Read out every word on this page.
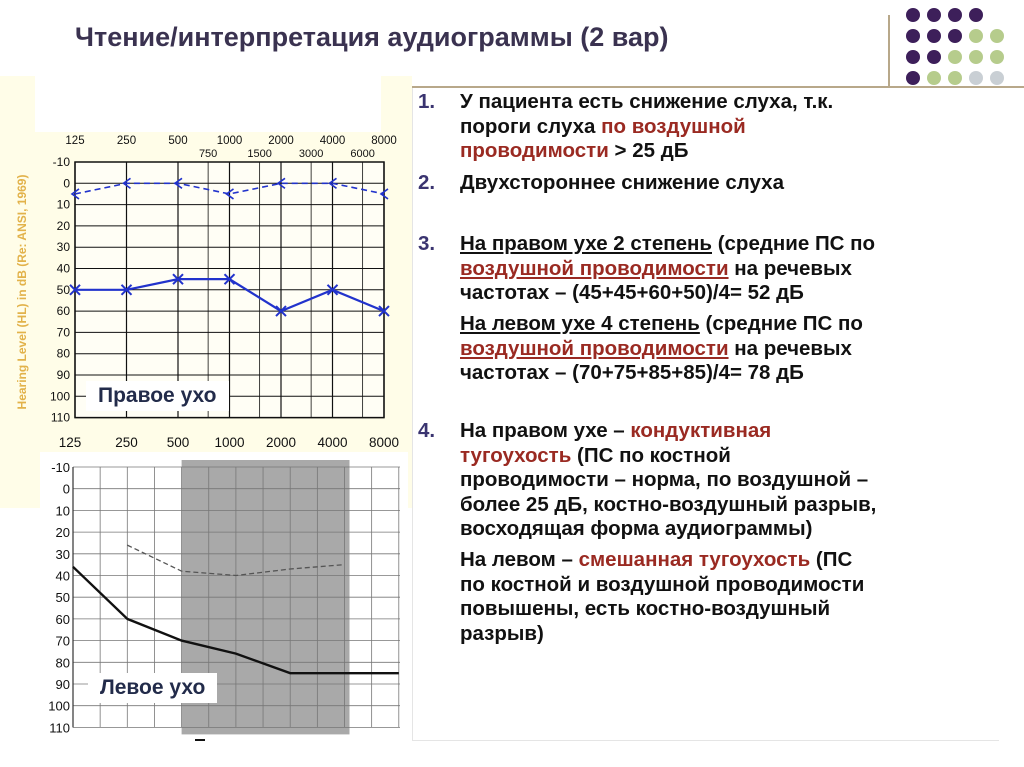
Чтение/интерпретация аудиограммы (2 вар)
-10
0
10
20
30
40
50
60
70
80
90
100
110
125	250	500	1000 2000 4000 8000
750	1500 3000 6000
125	250 500 1000 2000 4000 8000
Hearing Level (HL) in dB (Re: ANSI, 1969)	Правое ухо
-10
0
10
20
30
40
50
60
70
80
90
100
110
Левое ухо
1. У пациента есть снижение слуха, т.к.
пороги слуха по воздушной
проводимости > 25 дБ
2. Двухстороннее снижение слуха
3. На правом ухе 2 степень (средние ПС по
воздушной проводимости на речевых
частотах – (45+45+60+50)/4= 52 дБ
На левом ухе 4 степень (средние ПС по
воздушной проводимости на речевых
частотах – (70+75+85+85)/4= 78 дБ
4. На правом ухе – кондуктивная
тугоухость (ПС по костной
проводимости – норма, по воздушной –
более 25 дБ, костно-воздушный разрыв,
восходящая форма аудиограммы)
На левом – смешанная тугоухость (ПС
по костной и воздушной проводимости
повышены, есть костно-воздушный
разрыв)
